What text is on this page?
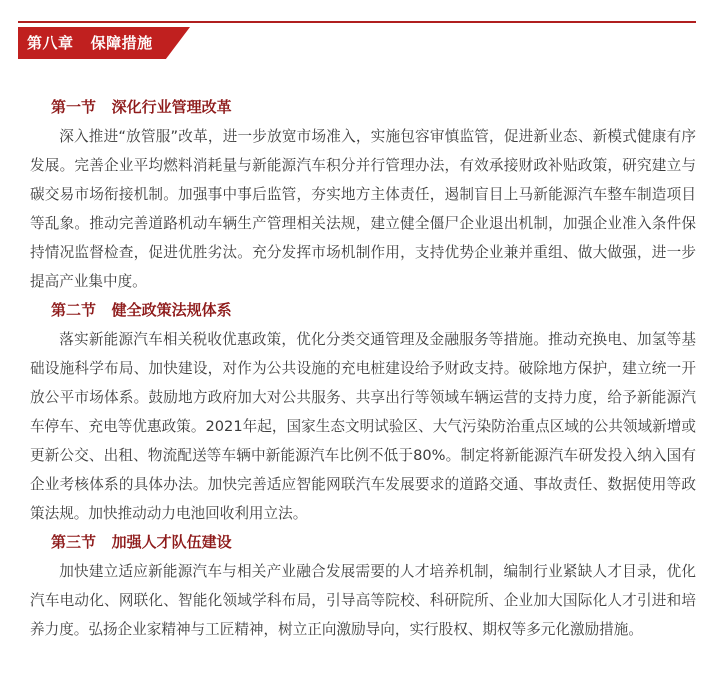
第八章   保障措施
第一节   深化行业管理改革

深入推进“放管服”改革，进一步放宽市场准入，实施包容审慎监管，促进新业态、新模式健康有序发展。完善企业平均燃料消耗量与新能源汽车积分并行管理办法，有效承接财政补贴政策，研究建立与碳交易市场衔接机制。加强事中事后监管，夯实地方主体责任，遏制盲目上马新能源汽车整车制造项目等乱象。推动完善道路机动车辆生产管理相关法规，建立健全僵尸企业退出机制，加强企业准入条件保持情况监督检查，促进优胜劣汰。充分发挥市场机制作用，支持优势企业兼并重组、做大做强，进一步提高产业集中度。

第二节   健全政策法规体系

落实新能源汽车相关税收优惠政策，优化分类交通管理及金融服务等措施。推动充换电、加氢等基础设施科学布局、加快建设，对作为公共设施的充电桩建设给予财政支持。破除地方保护，建立统一开放公平市场体系。鼓励地方政府加大对公共服务、共享出行等领域车辆运营的支持力度，给予新能源汽车停车、充电等优惠政策。2021年起，国家生态文明试验区、大气污染防治重点区域的公共领域新增或更新公交、出租、物流配送等车辆中新能源汽车比例不低于80%。制定将新能源汽车研发投入纳入国有企业考核体系的具体办法。加快完善适应智能网联汽车发展要求的道路交通、事故责任、数据使用等政策法规。加快推动动力电池回收利用立法。

第三节   加强人才队伍建设

加快建立适应新能源汽车与相关产业融合发展需要的人才培养机制，编制行业紧缺人才目录，优化汽车电动化、网联化、智能化领域学科布局，引导高等院校、科研院所、企业加大国际化人才引进和培养力度。弘扬企业家精神与工匠精神，树立正向激励导向，实行股权、期权等多元化激励措施。
